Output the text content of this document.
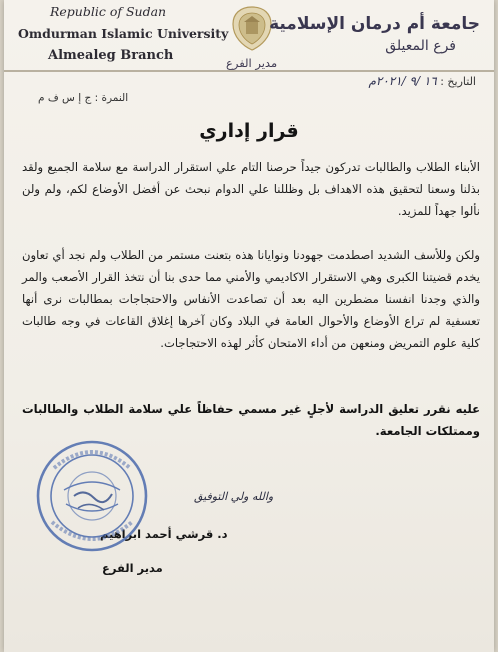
Republic of Sudan
Omdurman Islamic University
Almealeg Branch	مدير الفرع
جامعة أم درمان الإسلامية
فرع المعيلق
التاريخ : ١٦ /٩ /٢٠٢١م
النمرة : ج إ س ف م
قرار إداري
الأبناء الطلاب والطالبات تدركون جيداً حرصنا التام علي استقرار الدراسة مع سلامة الجميع ولقد بذلنا وسعنا لتحقيق هذه الاهداف بل وظللنا علي الدوام نبحث عن أفضل الأوضاع لكم، ولم ولن نألوا جهداً للمزيد.
ولكن وللأسف الشديد اصطدمت جهودنا ونوايانا هذه بتعنت مستمر من الطلاب ولم نجد أي تعاون يخدم قضيتنا الكبرى وهي الاستقرار الاكاديمي والأمني مما حدى بنا أن نتخذ القرار الأصعب والمر والذي وجدنا انفسنا مضطرين اليه بعد أن تصاعدت الأنفاس والاحتجاجات بمطالبات نرى أنها تعسفية لم تراع الأوضاع والأحوال العامة في البلاد وكان آخرها إغلاق القاعات في وجه طالبات كلية علوم التمريض ومنعهن من أداء الامتحان كأثر لهذه الاحتجاجات.
عليه نقرر تعليق الدراسة لأجلٍ غير مسمي حفاظاً علي سلامة الطلاب والطالبات وممتلكات الجامعة.
والله ولي التوفيق
د. قرشي أحمد ابراهيم
مدير الفرع
